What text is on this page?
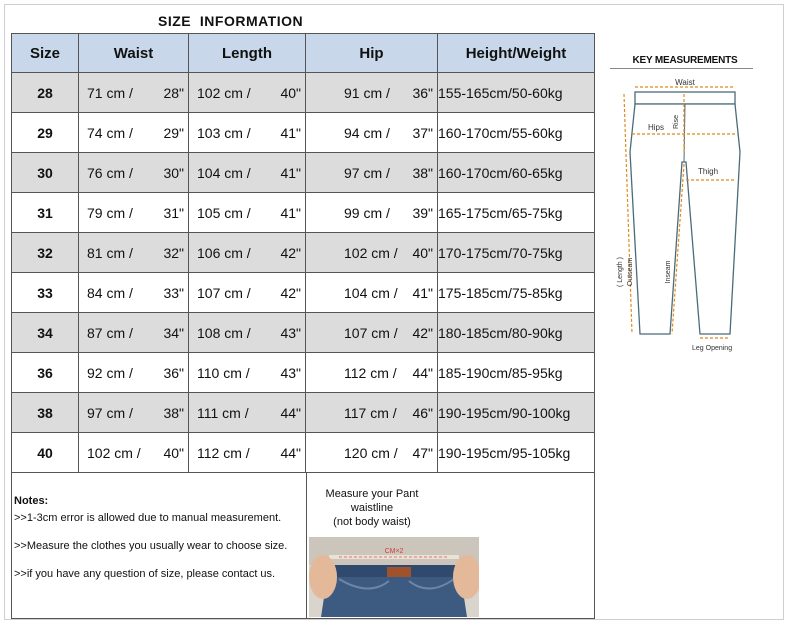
SIZE  INFORMATION
Size	Waist	Length	Hip	Height/Weight
28	71 cm / 28"	102 cm / 40"	91 cm / 36"	155-165cm/50-60kg
29	74 cm / 29"	103 cm / 41"	94 cm / 37"	160-170cm/55-60kg
30	76 cm / 30"	104 cm / 41"	97 cm / 38"	160-170cm/60-65kg
31	79 cm / 31"	105 cm / 41"	99 cm / 39"	165-175cm/65-75kg
32	81 cm / 32"	106 cm / 42"	102 cm / 40"	170-175cm/70-75kg
33	84 cm / 33"	107 cm / 42"	104 cm / 41"	175-185cm/75-85kg
34	87 cm / 34"	108 cm / 43"	107 cm / 42"	180-185cm/80-90kg
36	92 cm / 36"	110 cm / 43"	112 cm / 44"	185-190cm/85-95kg
38	97 cm / 38"	111 cm / 44"	117 cm / 46"	190-195cm/90-100kg
40	102 cm / 40"	112 cm / 44"	120 cm / 47"	190-195cm/95-105kg
Notes:

>>1-3cm error is allowed due to manual measurement.

>>Measure the clothes you usually wear to choose size.

>>if you have any question of size, please contact us.

Measure your Pant
waistline
(not body waist)
CM×2
KEY MEASUREMENTS
Waist
Rise
Hips
Thigh
( Length ) Outseam	Inseam
Leg Opening
